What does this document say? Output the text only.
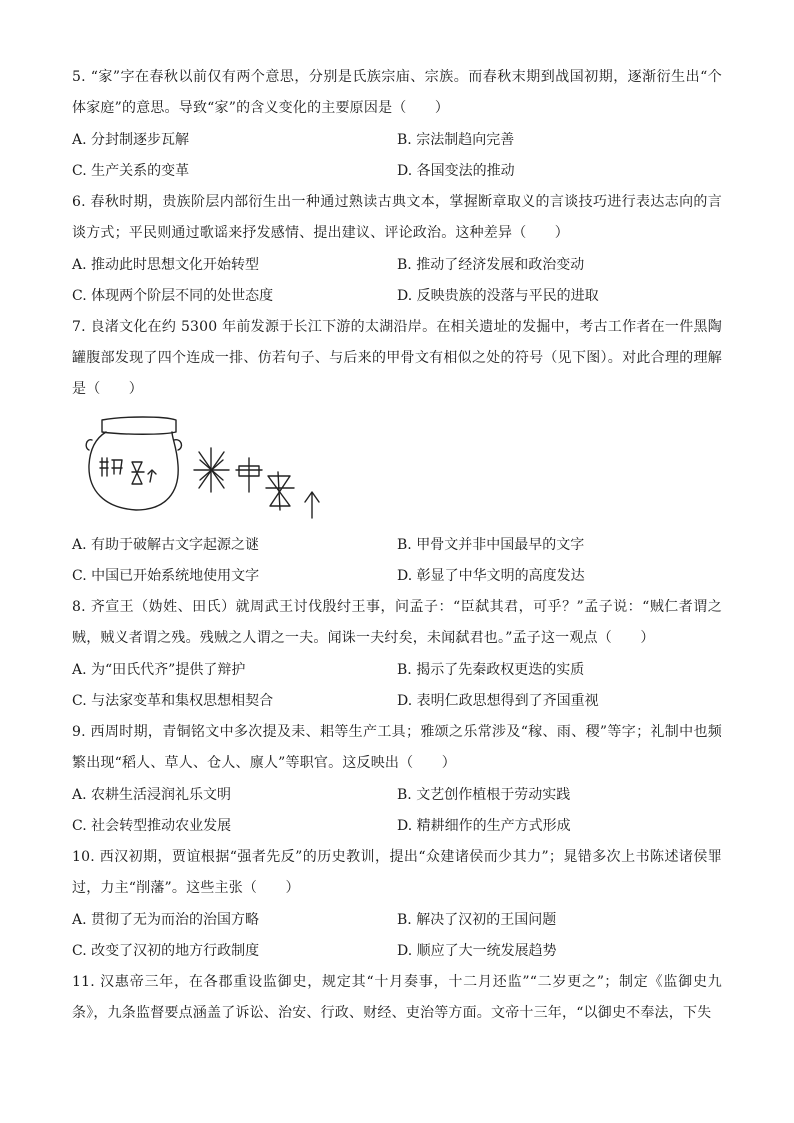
5. “家”字在春秋以前仅有两个意思，分别是氏族宗庙、宗族。而春秋末期到战国初期，逐渐衍生出“个体家庭”的意思。导致“家”的含义变化的主要原因是（　　）
A. 分封制逐步瓦解	B. 宗法制趋向完善
C. 生产关系的变革	D. 各国变法的推动
6. 春秋时期，贵族阶层内部衍生出一种通过熟读古典文本，掌握断章取义的言谈技巧进行表达志向的言谈方式；平民则通过歌谣来抒发感情、提出建议、评论政治。这种差异（　　）
A. 推动此时思想文化开始转型	B. 推动了经济发展和政治变动
C. 体现两个阶层不同的处世态度	D. 反映贵族的没落与平民的进取
7. 良渚文化在约 5300 年前发源于长江下游的太湖沿岸。在相关遗址的发掘中，考古工作者在一件黑陶罐腹部发现了四个连成一排、仿若句子、与后来的甲骨文有相似之处的符号（见下图）。对此合理的理解是（　　）
A. 有助于破解古文字起源之谜	B. 甲骨文并非中国最早的文字
C. 中国已开始系统地使用文字	D. 彰显了中华文明的高度发达
8. 齐宣王（妫姓、田氏）就周武王讨伐殷纣王事，问孟子：“臣弑其君，可乎？”孟子说：“贼仁者谓之贼，贼义者谓之残。残贼之人谓之一夫。闻诛一夫纣矣，未闻弑君也。”孟子这一观点（　　）
A. 为“田氏代齐”提供了辩护	B. 揭示了先秦政权更迭的实质
C. 与法家变革和集权思想相契合	D. 表明仁政思想得到了齐国重视
9. 西周时期，青铜铭文中多次提及耒、耜等生产工具；雅颂之乐常涉及“稼、雨、稷”等字；礼制中也频繁出现“稻人、草人、仓人、廪人”等职官。这反映出（　　）
A. 农耕生活浸润礼乐文明	B. 文艺创作植根于劳动实践
C. 社会转型推动农业发展	D. 精耕细作的生产方式形成
10. 西汉初期，贾谊根据“强者先反”的历史教训，提出“众建诸侯而少其力”；晁错多次上书陈述诸侯罪过，力主“削藩”。这些主张（　　）
A. 贯彻了无为而治的治国方略	B. 解决了汉初的王国问题
C. 改变了汉初的地方行政制度	D. 顺应了大一统发展趋势
11. 汉惠帝三年，在各郡重设监御史，规定其“十月奏事，十二月还监”“二岁更之”；制定《监御史九条》，九条监督要点涵盖了诉讼、治安、行政、财经、吏治等方面。文帝十三年，“以御史不奉法，下失
